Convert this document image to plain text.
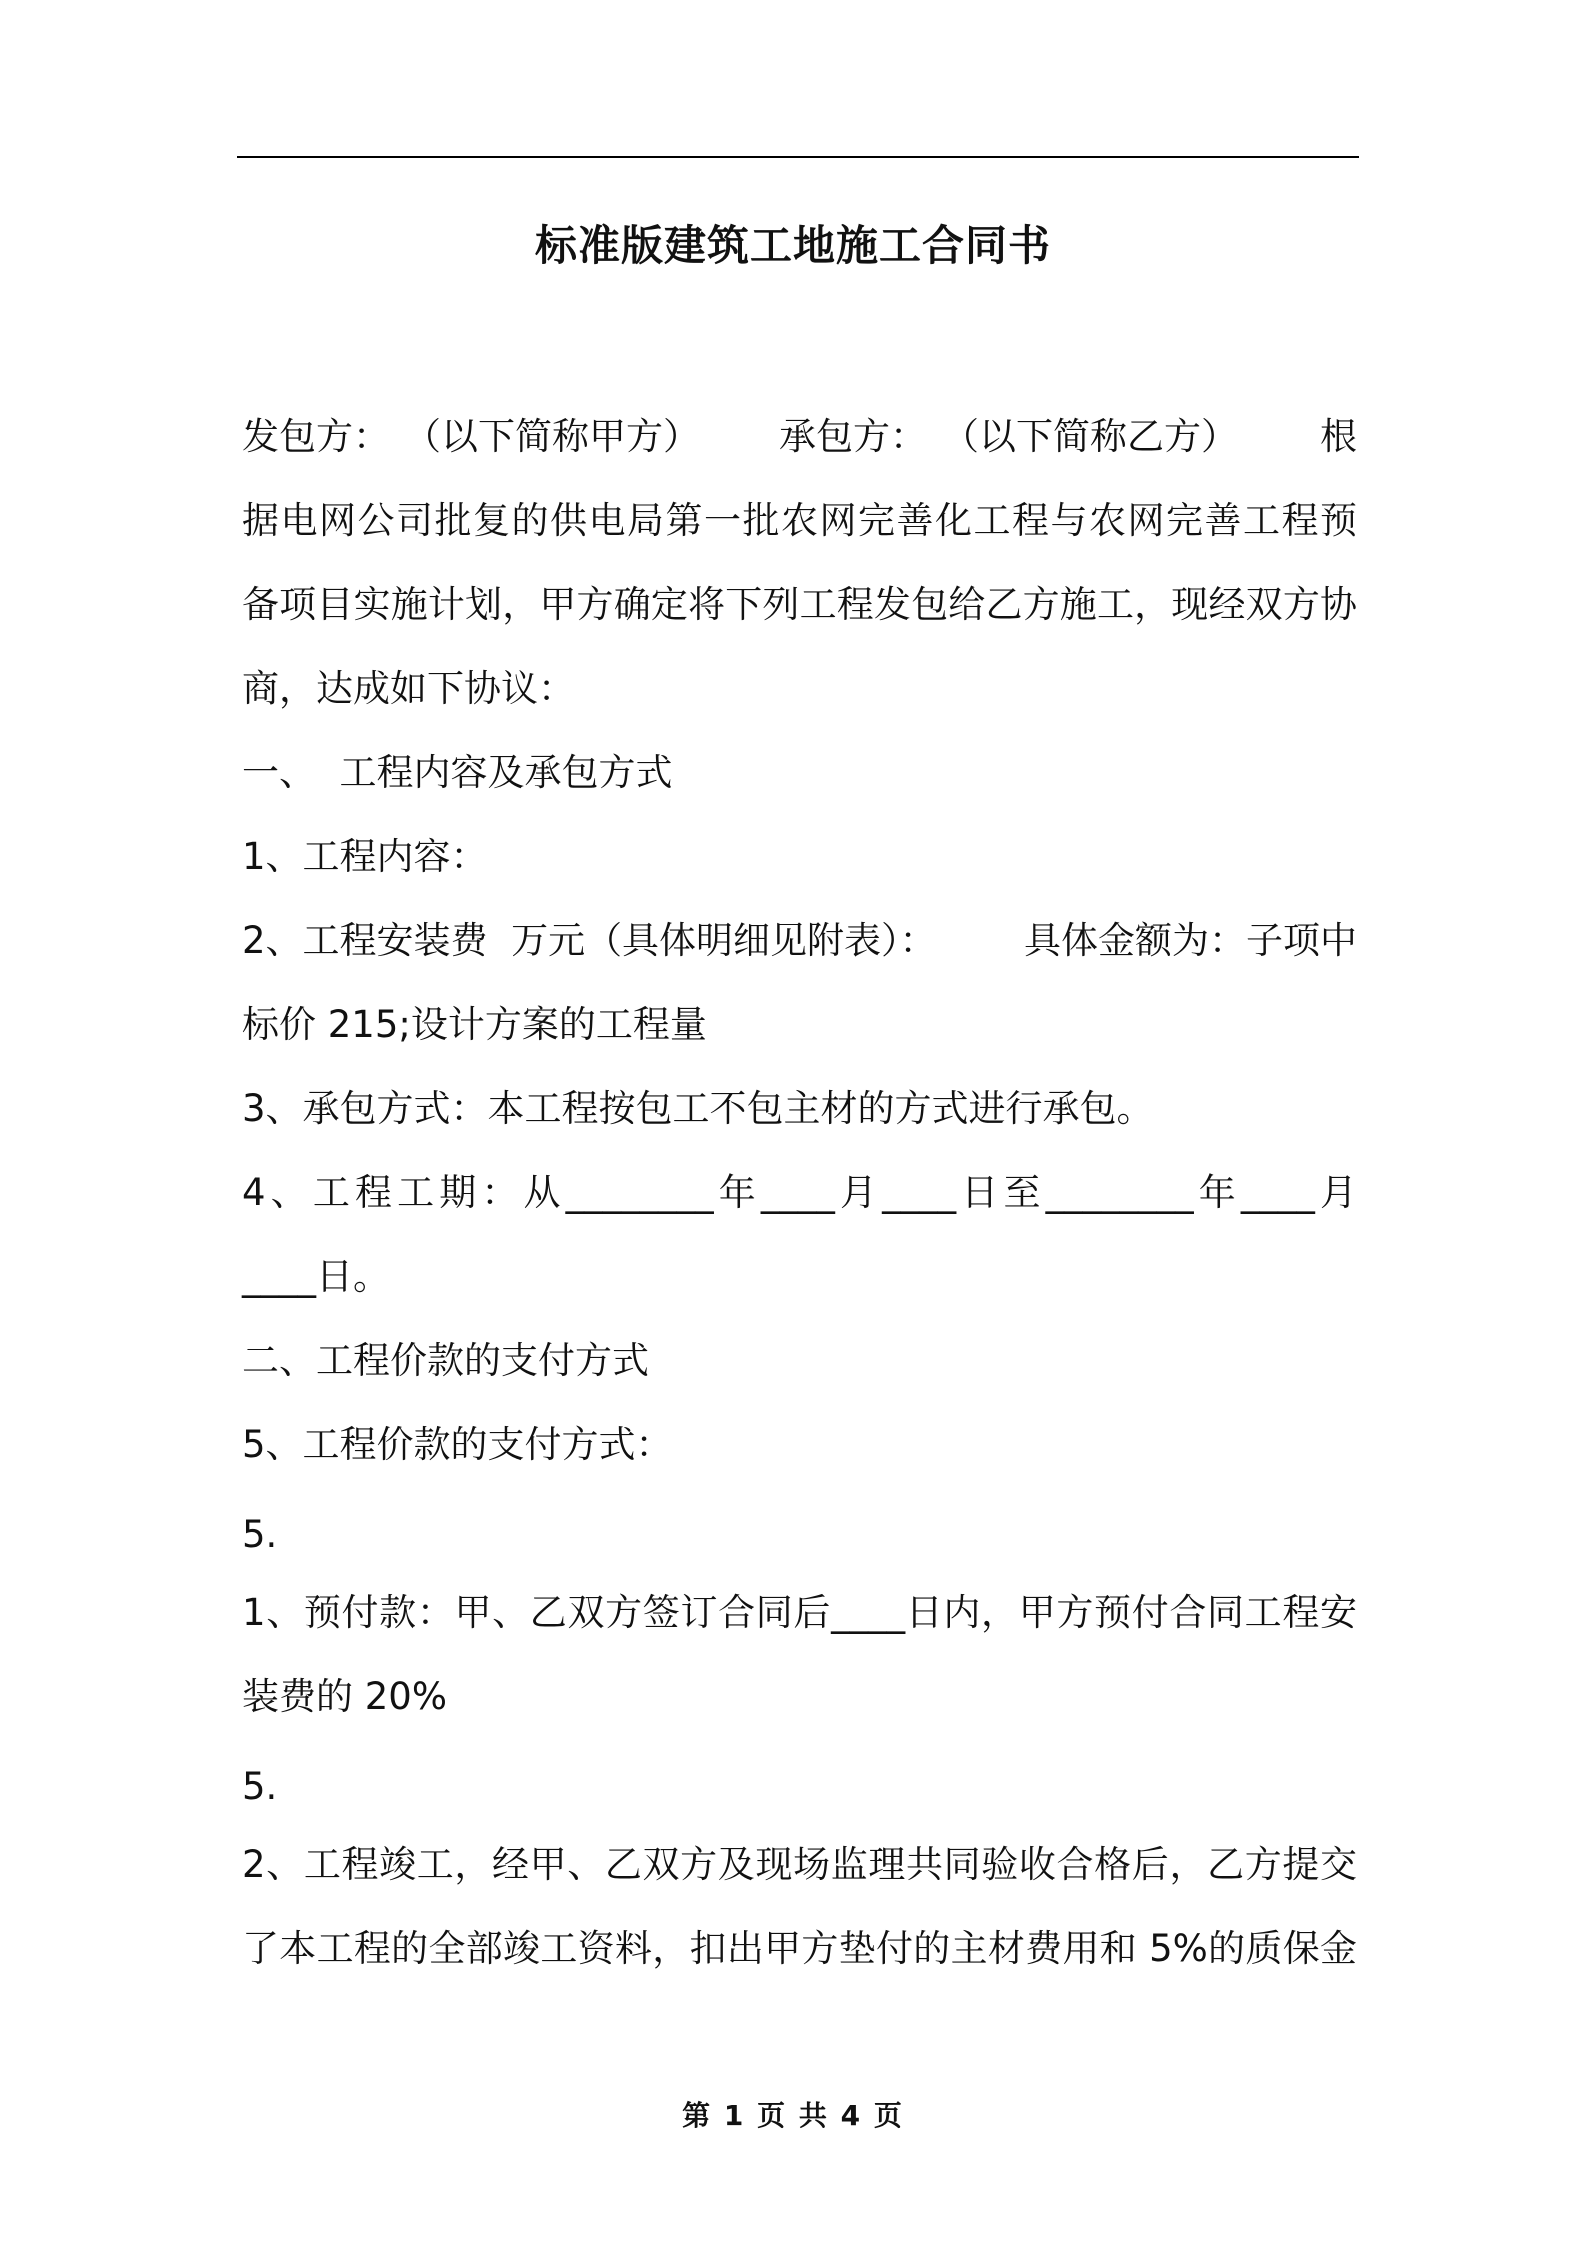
标准版建筑工地施工合同书
发包方： （以下简称甲方） 承包方： （以下简称乙方） 根
据电网公司批复的供电局第一批农网完善化工程与农网完善工程预
备项目实施计划，甲方确定将下列工程发包给乙方施工，现经双方协
商，达成如下协议：
一、  工程内容及承包方式
1、工程内容：
2、工程安装费  万元（具体明细见附表）： 具体金额为：子项中
标价 215;设计方案的工程量
3、承包方式：本工程按包工不包主材的方式进行承包。
4、工程工期：从________年____月____日至________年____月
____日。
二、工程价款的支付方式
5、工程价款的支付方式：
5.
1、预付款：甲、乙双方签订合同后____日内，甲方预付合同工程安
装费的 20%
5.
2、工程竣工，经甲、乙双方及现场监理共同验收合格后，乙方提交
了本工程的全部竣工资料，扣出甲方垫付的主材费用和 5%的质保金
第 1 页 共 4 页
